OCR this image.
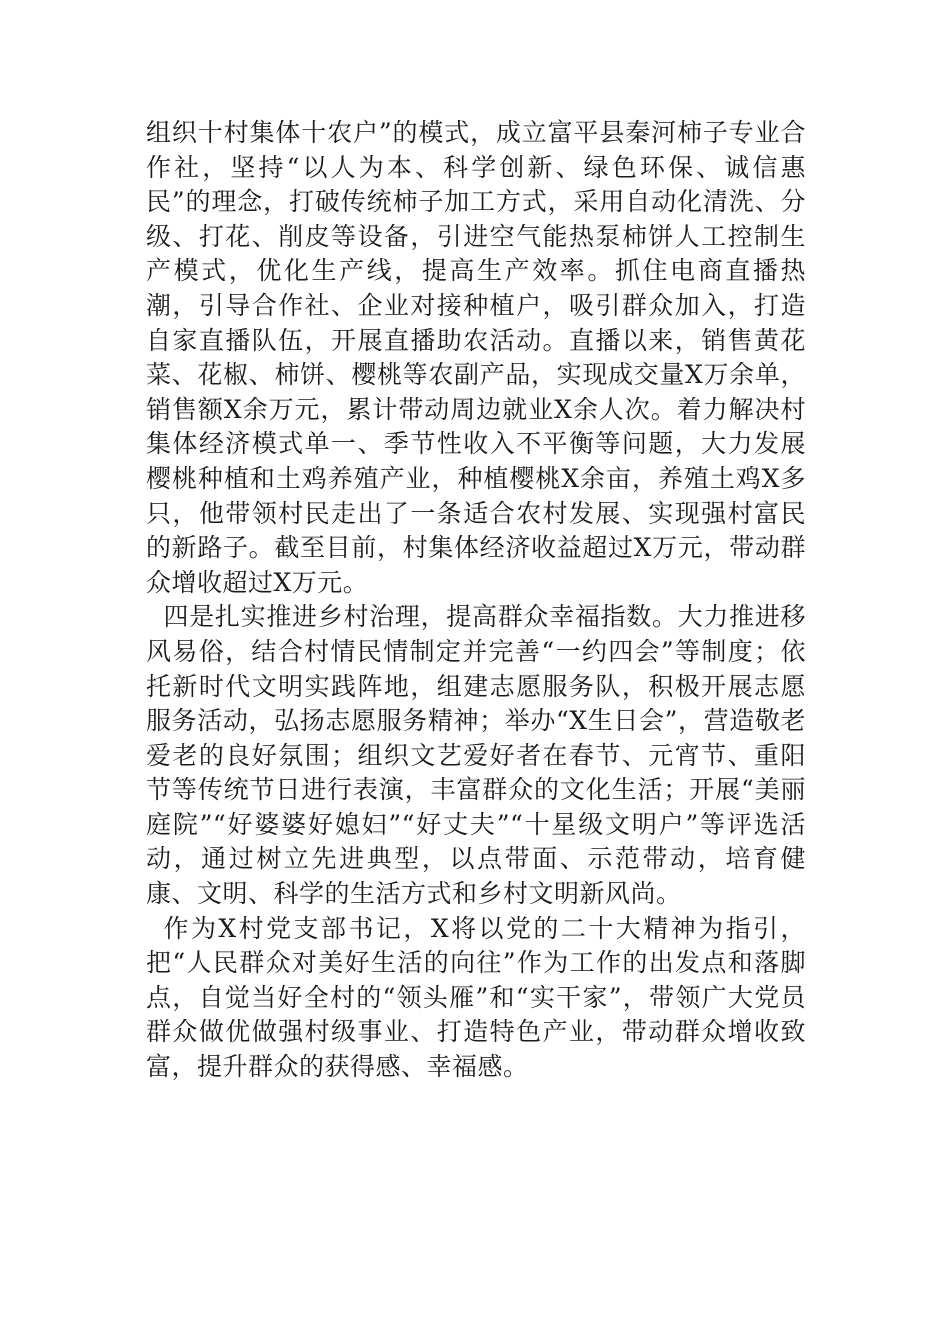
组织十村集体十农户”的模式，成立富平县秦河柿子专业合作社，坚持“以人为本、科学创新、绿色环保、诚信惠民”的理念，打破传统柿子加工方式，采用自动化清洗、分级、打花、削皮等设备，引进空气能热泵柿饼人工控制生产模式，优化生产线，提高生产效率。抓住电商直播热潮，引导合作社、企业对接种植户，吸引群众加入，打造自家直播队伍，开展直播助农活动。直播以来，销售黄花菜、花椒、柿饼、樱桃等农副产品，实现成交量X万余单，销售额X余万元，累计带动周边就业X余人次。着力解决村集体经济模式单一、季节性收入不平衡等问题，大力发展樱桃种植和土鸡养殖产业，种植樱桃X余亩，养殖土鸡X多只，他带领村民走出了一条适合农村发展、实现强村富民的新路子。截至目前，村集体经济收益超过X万元，带动群众增收超过X万元。

四是扎实推进乡村治理，提高群众幸福指数。大力推进移风易俗，结合村情民情制定并完善“一约四会”等制度；依托新时代文明实践阵地，组建志愿服务队，积极开展志愿服务活动，弘扬志愿服务精神；举办“X生日会”，营造敬老爱老的良好氛围；组织文艺爱好者在春节、元宵节、重阳节等传统节日进行表演，丰富群众的文化生活；开展“美丽庭院”“好婆婆好媳妇”“好丈夫”“十星级文明户”等评选活动，通过树立先进典型，以点带面、示范带动，培育健康、文明、科学的生活方式和乡村文明新风尚。

作为X村党支部书记，X将以党的二十大精神为指引，把“人民群众对美好生活的向往”作为工作的出发点和落脚点，自觉当好全村的“领头雁”和“实干家”，带领广大党员群众做优做强村级事业、打造特色产业，带动群众增收致富，提升群众的获得感、幸福感。
